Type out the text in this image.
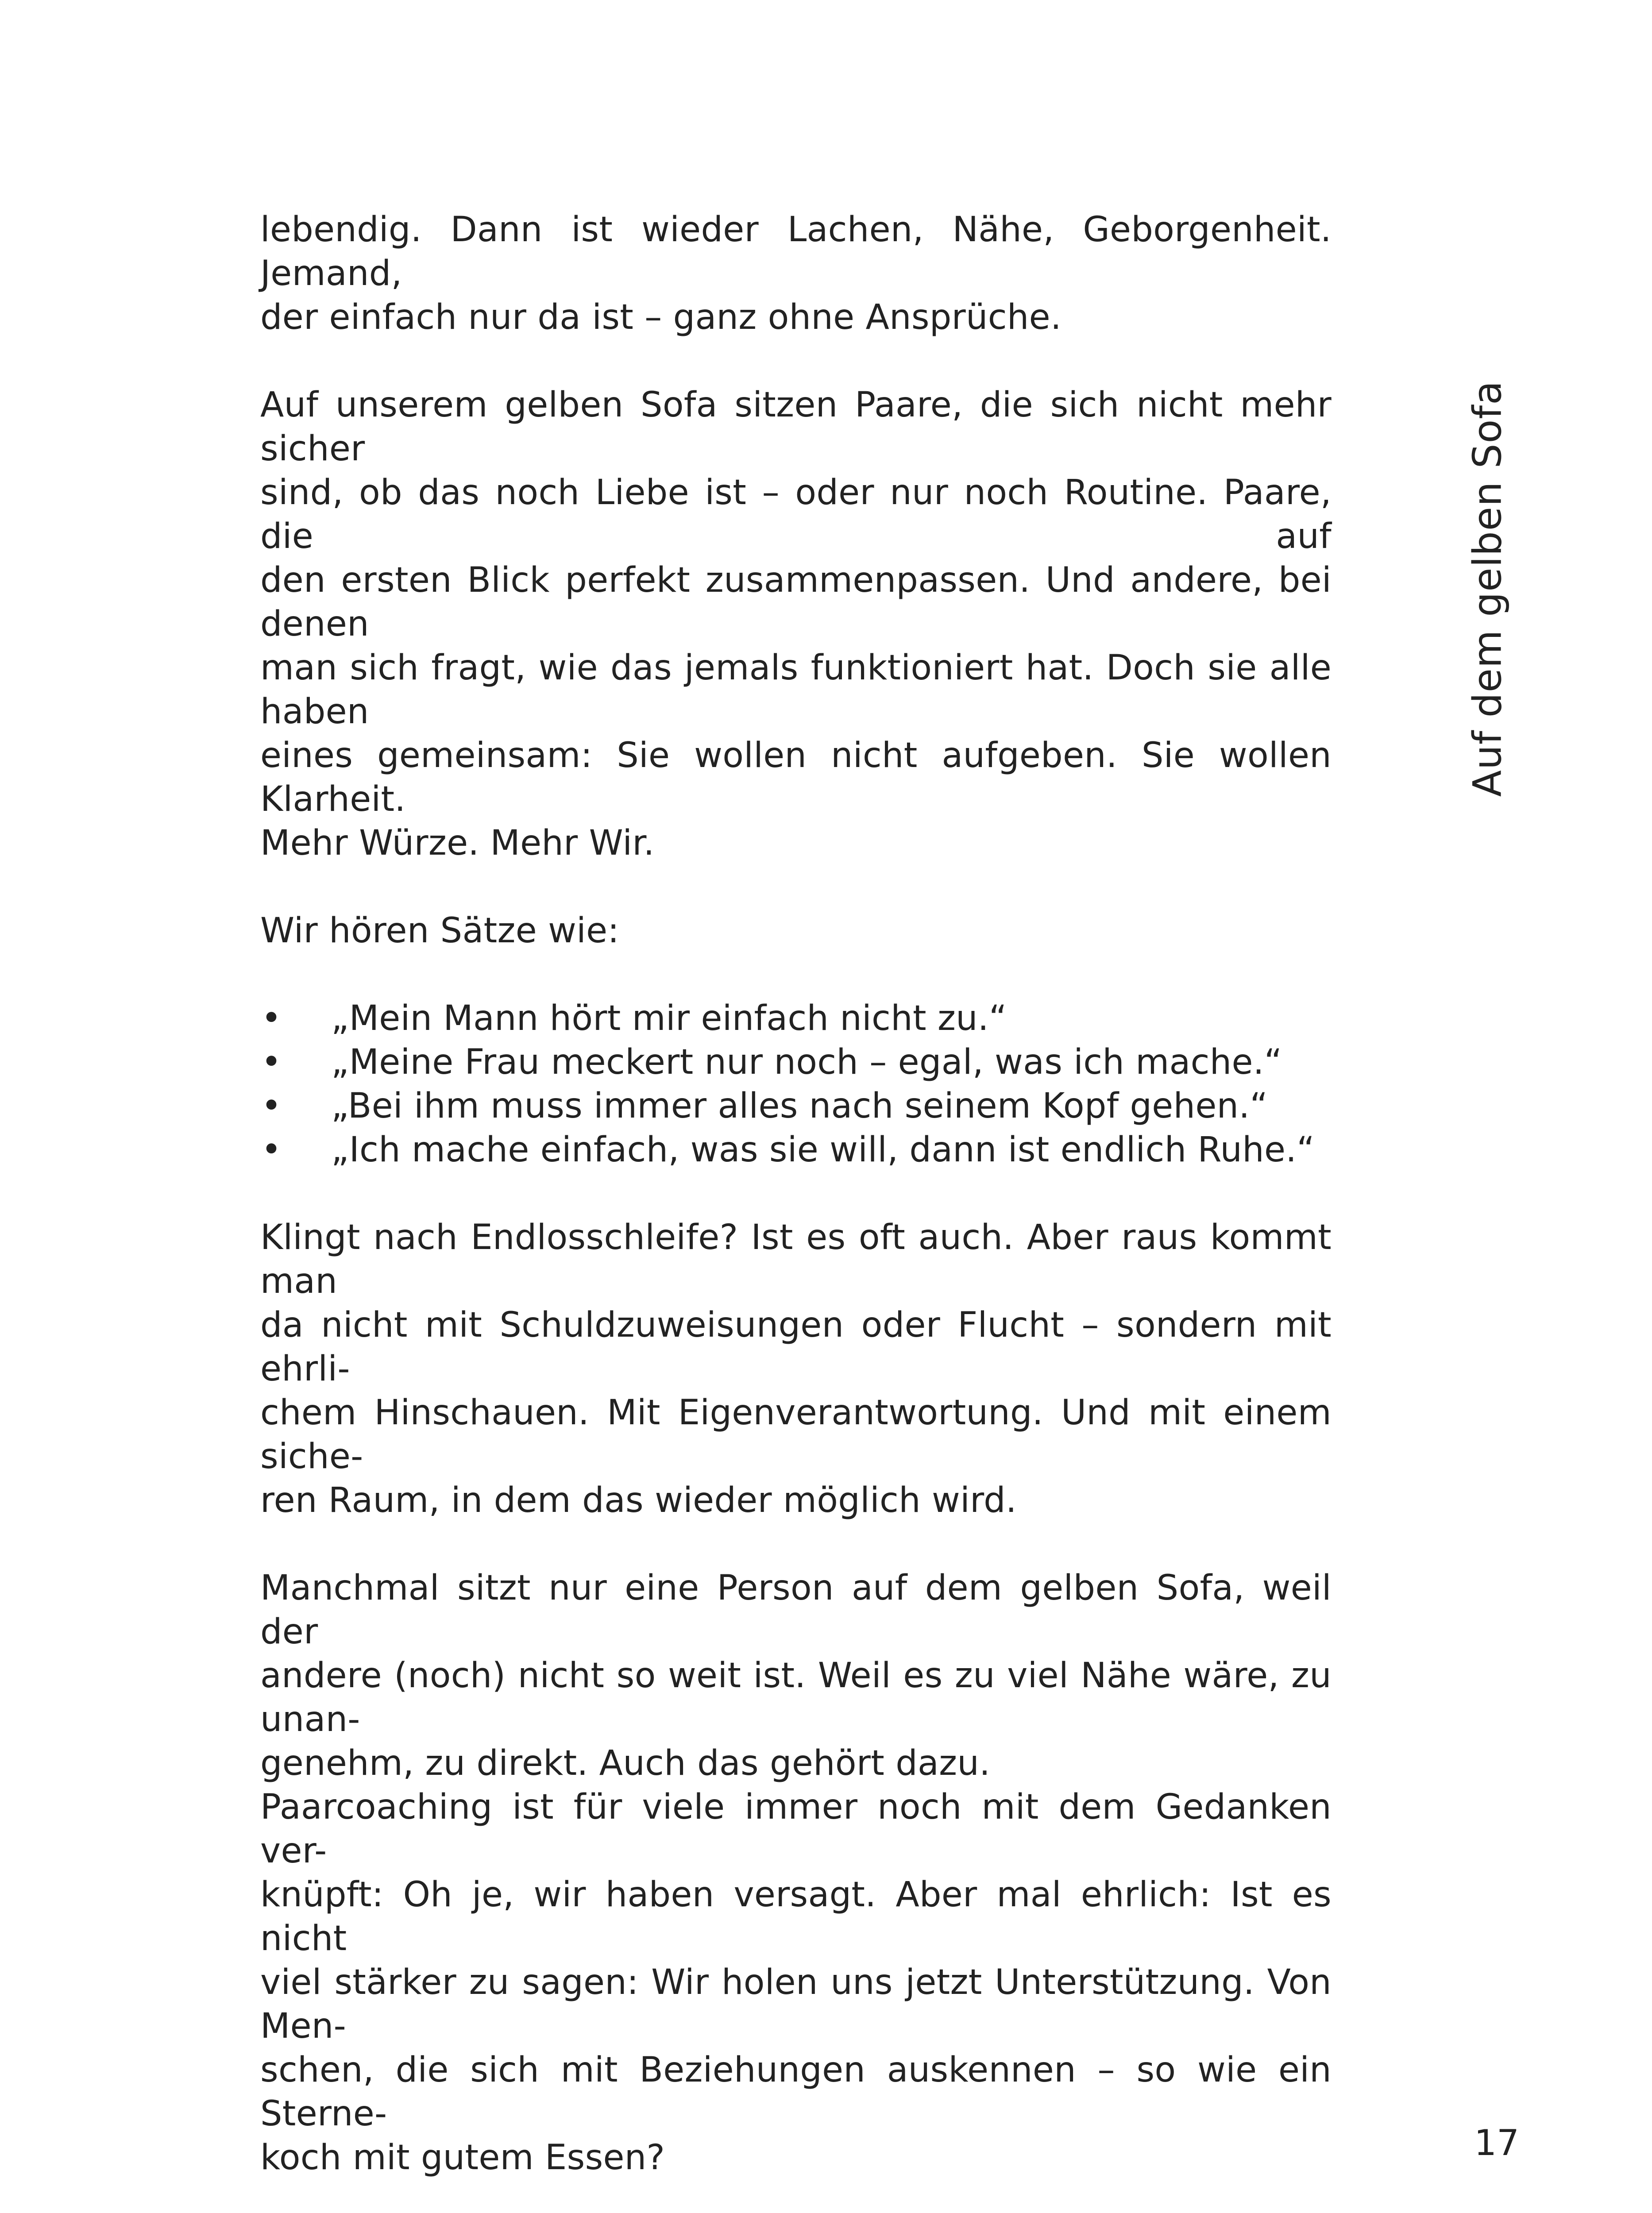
lebendig. Dann ist wieder Lachen, Nähe, Geborgenheit. Jemand,
der einfach nur da ist – ganz ohne Ansprüche.

Auf unserem gelben Sofa sitzen Paare, die sich nicht mehr sicher
sind, ob das noch Liebe ist – oder nur noch Routine. Paare, die auf
den ersten Blick perfekt zusammenpassen. Und andere, bei denen
man sich fragt, wie das jemals funktioniert hat. Doch sie alle haben
eines gemeinsam: Sie wollen nicht aufgeben. Sie wollen Klarheit.
Mehr Würze. Mehr Wir.

Wir hören Sätze wie:

• „Mein Mann hört mir einfach nicht zu.“
• „Meine Frau meckert nur noch – egal, was ich mache.“
• „Bei ihm muss immer alles nach seinem Kopf gehen.“
• „Ich mache einfach, was sie will, dann ist endlich Ruhe.“

Klingt nach Endlosschleife? Ist es oft auch. Aber raus kommt man
da nicht mit Schuldzuweisungen oder Flucht – sondern mit ehrli-
chem Hinschauen. Mit Eigenverantwortung. Und mit einem siche-
ren Raum, in dem das wieder möglich wird.

Manchmal sitzt nur eine Person auf dem gelben Sofa, weil der
andere (noch) nicht so weit ist. Weil es zu viel Nähe wäre, zu unan-
genehm, zu direkt. Auch das gehört dazu.

Paarcoaching ist für viele immer noch mit dem Gedanken ver-
knüpft: Oh je, wir haben versagt. Aber mal ehrlich: Ist es nicht
viel stärker zu sagen: Wir holen uns jetzt Unterstützung. Von Men-
schen, die sich mit Beziehungen auskennen – so wie ein Sterne-
koch mit gutem Essen?

Auf dem gelben Sofa
17
